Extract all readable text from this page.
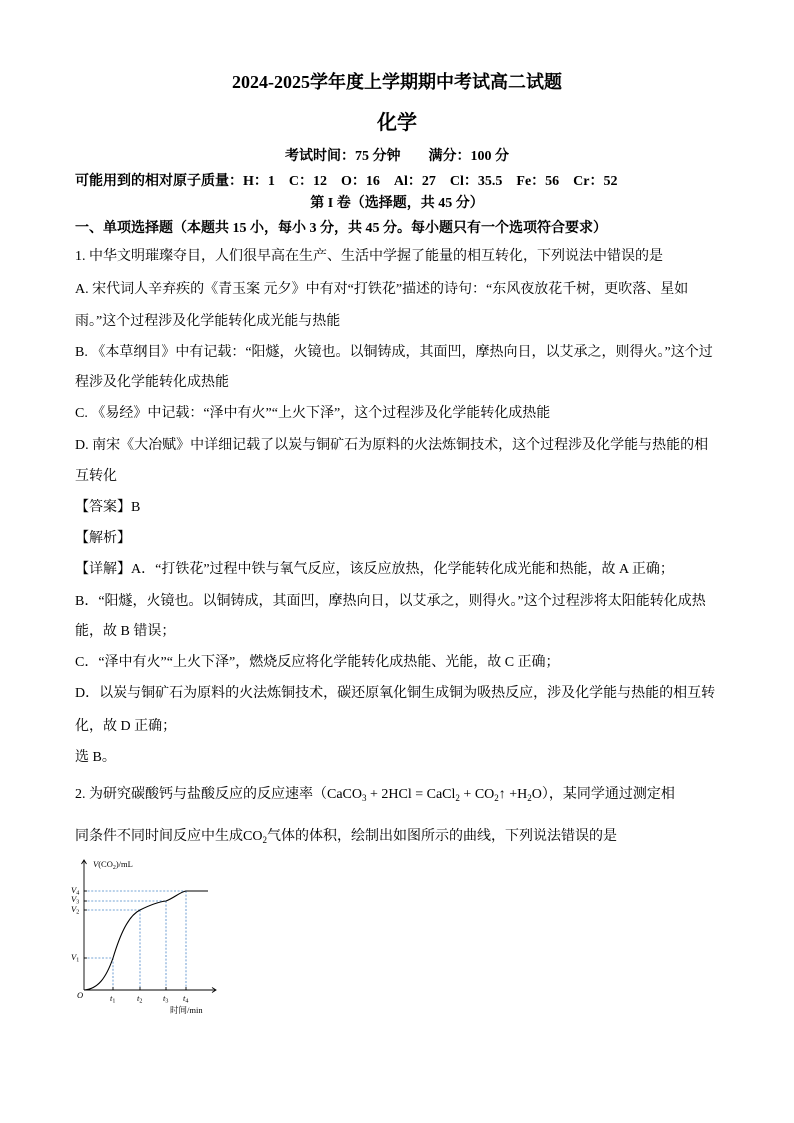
2024-2025学年度上学期期中考试高二试题
化学
考试时间：75 分钟　　满分：100 分
可能用到的相对原子质量：H：1　C：12　O：16　Al：27　Cl：35.5　Fe：56　Cr：52
第 I 卷（选择题，共 45 分）
一、单项选择题（本题共 15 小，每小 3 分，共 45 分。每小题只有一个选项符合要求）
1. 中华文明璀璨夺目，人们很早高在生产、生活中学握了能量的相互转化，下列说法中错误的是
A. 宋代词人辛弃疾的《青玉案 元夕》中有对“打铁花”描述的诗句：“东风夜放花千树，更吹落、星如
雨。”这个过程涉及化学能转化成光能与热能
B. 《本草纲目》中有记载：“阳燧，火镜也。以铜铸成，其面凹，摩热向日，以艾承之，则得火。”这个过
程涉及化学能转化成热能
C. 《易经》中记载：“泽中有火”“上火下泽”，这个过程涉及化学能转化成热能
D. 南宋《大冶赋》中详细记载了以炭与铜矿石为原料的火法炼铜技术，这个过程涉及化学能与热能的相
互转化
【答案】B
【解析】
【详解】A．“打铁花”过程中铁与氧气反应，该反应放热，化学能转化成光能和热能，故 A 正确；
B．“阳燧，火镜也。以铜铸成，其面凹，摩热向日，以艾承之，则得火。”这个过程涉将太阳能转化成热
能，故 B 错误；
C．“泽中有火”“上火下泽”，燃烧反应将化学能转化成热能、光能，故 C 正确；
D．以炭与铜矿石为原料的火法炼铜技术，碳还原氧化铜生成铜为吸热反应，涉及化学能与热能的相互转
化，故 D 正确；
选 B。
2. 为研究碳酸钙与盐酸反应的反应速率（CaCO$_3$ + 2HCl = CaCl$_2$ + $CO_2↑ +H_2O$），某同学通过测定相
同条件不同时间反应中生成$CO_2$气体的体积，绘制出如图所示的曲线，下列说法错误的是
$V(CO_2)/mL$
V4
V3
V2
V1
O	t1	t2 t3 t4
时间/min
